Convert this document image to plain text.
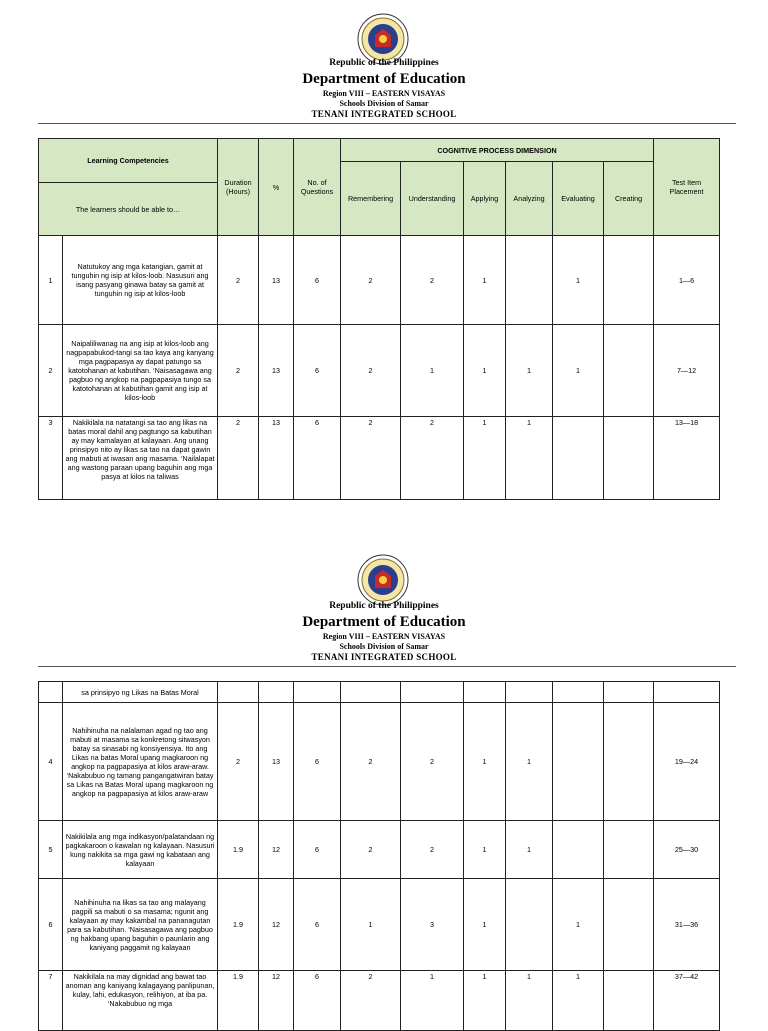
Republic of the Philippines
Department of Education
Region VIII – EASTERN VISAYAS
Schools Division of Samar
TENANI INTEGRATED SCHOOL
Learning Competencies		Duration (Hours)	%	No. of Questions	COGNITIVE PROCESS DIMENSION						Test Item Placement
					Remembering	Understanding	Applying	Analyzing	Evaluating	Creating	
The learners should be able to…											
1	Natutukoy ang mga katangian, gamit at tunguhin ng isip at kilos-loob. Nasusuri ang isang pasyang ginawa batay sa gamit at tunguhin ng isip at kilos-loob	2	13	6	2	2	1		1		1—6
2	Naipaliliwanag na ang isip at kilos-loob ang nagpapabukod-tangi sa tao kaya ang kanyang mga pagpapasya ay dapat patungo sa katotohanan at kabutihan. ‘Naisasagawa ang pagbuo ng angkop na pagpapasiya tungo sa katotohanan at kabutihan gamit ang isip at kilos-loob	2	13	6	2	1	1	1	1		7—12
3	Nakikilala na natatangi sa tao ang likas na batas moral dahil ang pagtungo sa kabutihan ay may kamalayan at kalayaan. Ang unang prinsipyo nito ay likas sa tao na dapat gawin ang mabuti at iwasan ang masama. ‘Nailalapat ang wastong paraan upang baguhin ang mga pasya at kilos na taliwas	2	13	6	2	2	1	1			13—18
Republic of the Philippines
Department of Education
Region VIII – EASTERN VISAYAS
Schools Division of Samar
TENANI INTEGRATED SCHOOL
	sa prinsipyo ng Likas na Batas Moral										
4	Nahihinuha na nalalaman agad ng tao ang mabuti at masama sa konkretong sitwasyon batay sa sinasabi ng konsiyensiya. Ito ang Likas na batas Moral upang magkaroon ng angkop na pagpapasiya at kilos araw-araw. ‘Nakabubuo ng tamang pangangatwiran batay sa Likas na Batas Moral upang magkaroon ng angkop na pagpapasiya at kilos araw-araw	2	13	6	2	2	1	1			19—24
5	Nakikilala ang mga indikasyon/palatandaan ng pagkakaroon o kawalan ng kalayaan. Nasusuri kung nakikita sa mga gawi ng kabataan ang kalayaan	1.9	12	6	2	2	1	1			25—30
6	Nahihinuha na likas sa tao ang malayang pagpili sa mabuti o sa masama; ngunit ang kalayaan ay may kakambal na pananagutan para sa kabutihan. ‘Naisasagawa ang pagbuo ng hakbang upang baguhin o paunlarin ang kaniyang paggamit ng kalayaan	1.9	12	6	1	3	1		1		31—36
7	Nakikilala na may dignidad ang bawat tao anoman ang kaniyang kalagayang panlipunan, kulay, lahi, edukasyon, relihiyon, at iba pa. ‘Nakabubuo ng mga	1.9	12	6	2	1	1	1	1		37—42
